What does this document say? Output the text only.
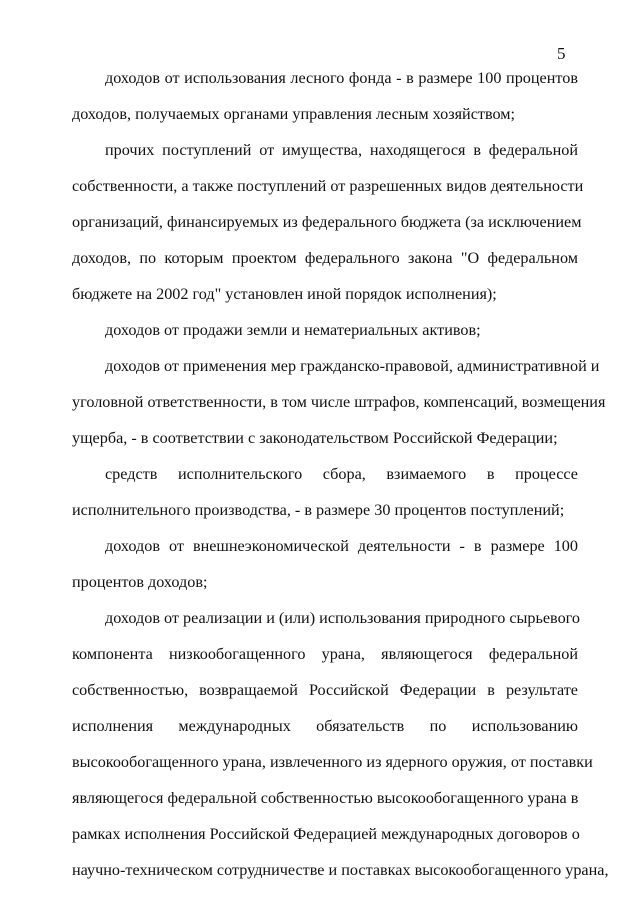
5
доходов от использования лесного фонда - в размере 100 процентов
доходов, получаемых органами управления лесным хозяйством;
прочих поступлений от имущества, находящегося в федеральной
собственности, а также поступлений от разрешенных видов деятельности
организаций, финансируемых из федерального бюджета (за исключением
доходов, по которым проектом федерального закона "О федеральном
бюджете на 2002 год" установлен иной порядок исполнения);
доходов от продажи земли и нематериальных активов;
доходов от применения мер гражданско-правовой, административной и
уголовной ответственности, в том числе штрафов, компенсаций, возмещения
ущерба, - в соответствии с законодательством Российской Федерации;
средств исполнительского сбора, взимаемого в процессе
исполнительного производства, - в размере 30 процентов поступлений;
доходов от внешнеэкономической деятельности - в размере 100
процентов доходов;
доходов от реализации и (или) использования природного сырьевого
компонента низкообогащенного урана, являющегося федеральной
собственностью, возвращаемой Российской Федерации в результате
исполнения международных обязательств по использованию
высокообогащенного урана, извлеченного из ядерного оружия, от поставки
являющегося федеральной собственностью высокообогащенного урана в
рамках исполнения Российской Федерацией международных договоров о
научно-техническом сотрудничестве и поставках высокообогащенного урана,
